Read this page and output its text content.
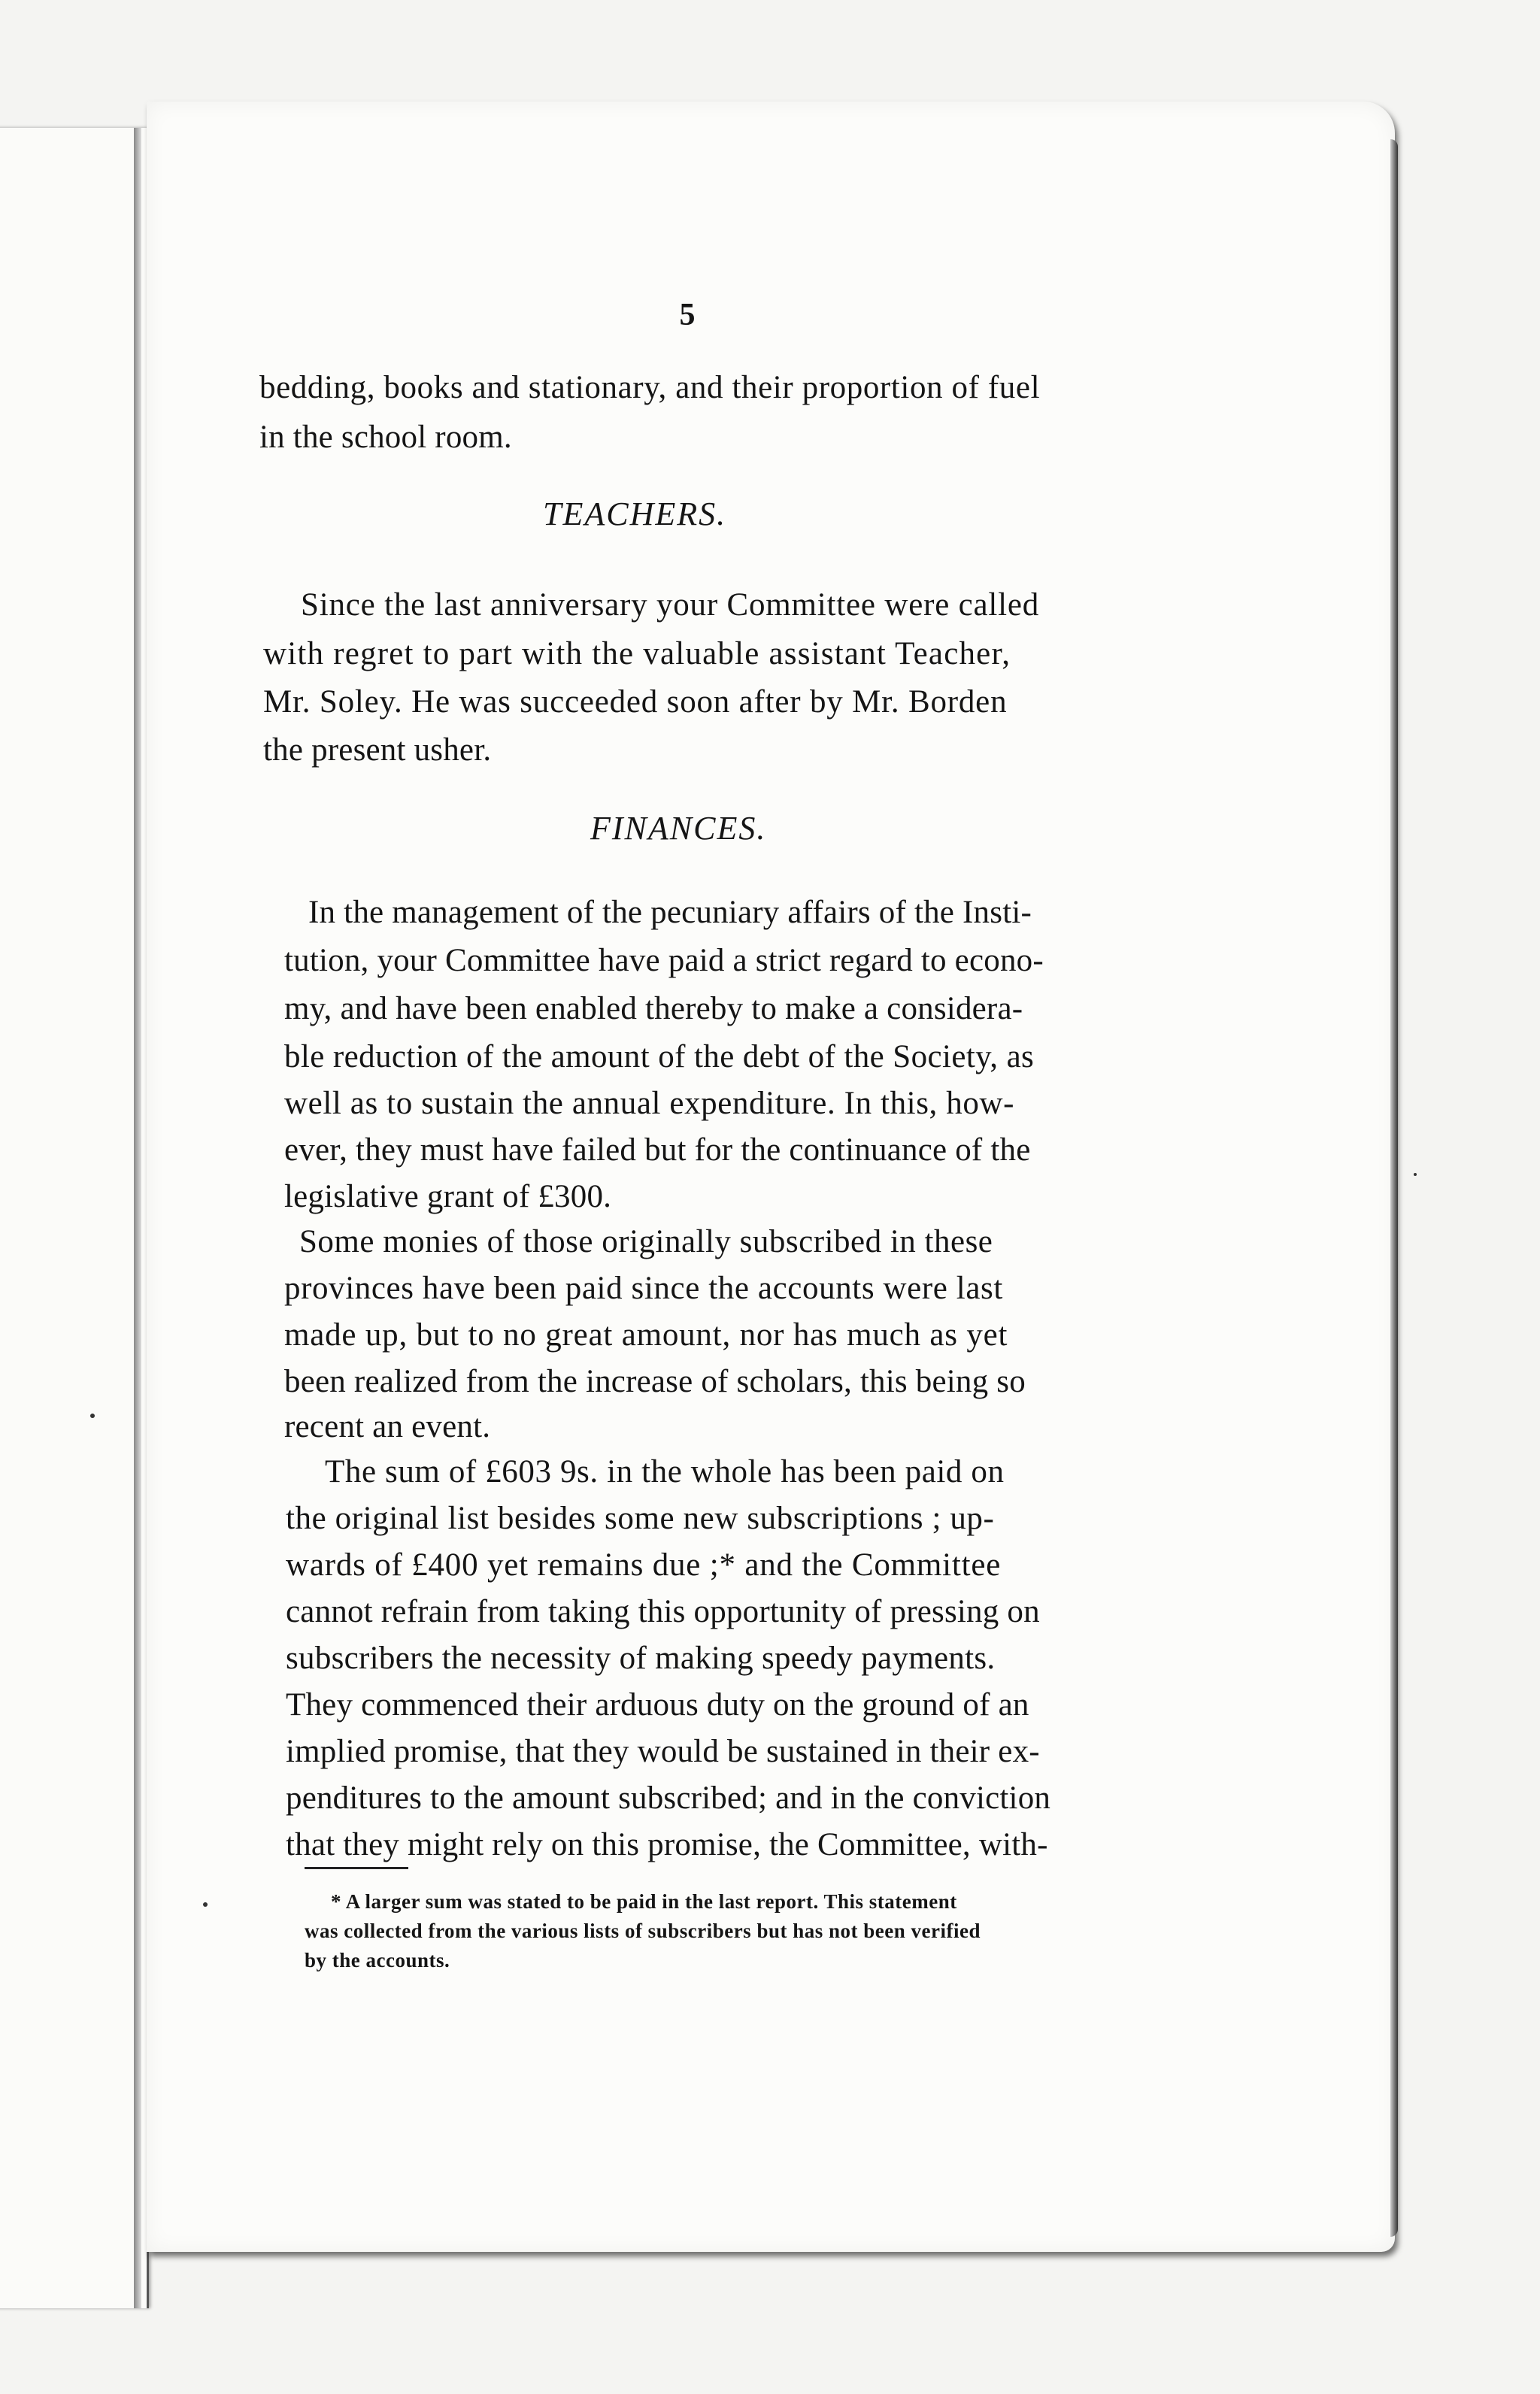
5
bedding, books and stationary, and their proportion of fuel
in the school room.
TEACHERS.
Since the last anniversary your Committee were called
with regret to part with the valuable assistant Teacher,
Mr. Soley. He was succeeded soon after by Mr. Borden
the present usher.
FINANCES.
In the management of the pecuniary affairs of the Insti-
tution, your Committee have paid a strict regard to econo-
my, and have been enabled thereby to make a considera-
ble reduction of the amount of the debt of the Society, as
well as to sustain the annual expenditure. In this, how-
ever, they must have failed but for the continuance of the
legislative grant of £300.
Some monies of those originally subscribed in these
provinces have been paid since the accounts were last
made up, but to no great amount, nor has much as yet
been realized from the increase of scholars, this being so
recent an event.
The sum of £603 9s. in the whole has been paid on
the original list besides some new subscriptions ; up-
wards of £400 yet remains due ;* and the Committee
cannot refrain from taking this opportunity of pressing on
subscribers the necessity of making speedy payments.
They commenced their arduous duty on the ground of an
implied promise, that they would be sustained in their ex-
penditures to the amount subscribed; and in the conviction
that they might rely on this promise, the Committee, with-
* A larger sum was stated to be paid in the last report. This statement
was collected from the various lists of subscribers but has not been verified
by the accounts.
